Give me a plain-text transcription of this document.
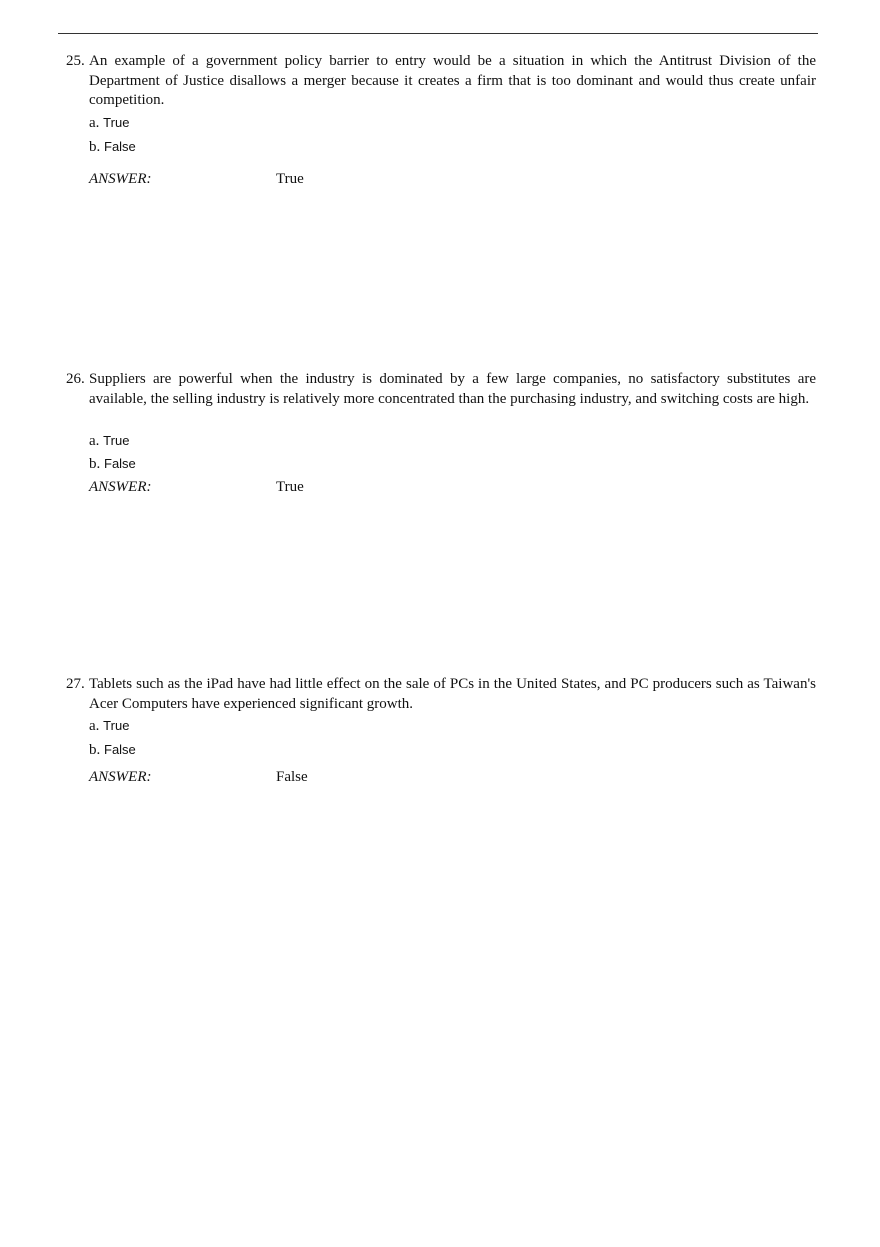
25. An example of a government policy barrier to entry would be a situation in which the Antitrust Division of the Department of Justice disallows a merger because it creates a firm that is too dominant and would thus create unfair competition.
a. True
b. False
ANSWER:	True
26. Suppliers are powerful when the industry is dominated by a few large companies, no satisfactory substitutes are available, the selling industry is relatively more concentrated than the purchasing industry, and switching costs are high.
a. True
b. False
ANSWER:	True
27. Tablets such as the iPad have had little effect on the sale of PCs in the United States, and PC producers such as Taiwan's Acer Computers have experienced significant growth.
a. True
b. False
ANSWER:	False
